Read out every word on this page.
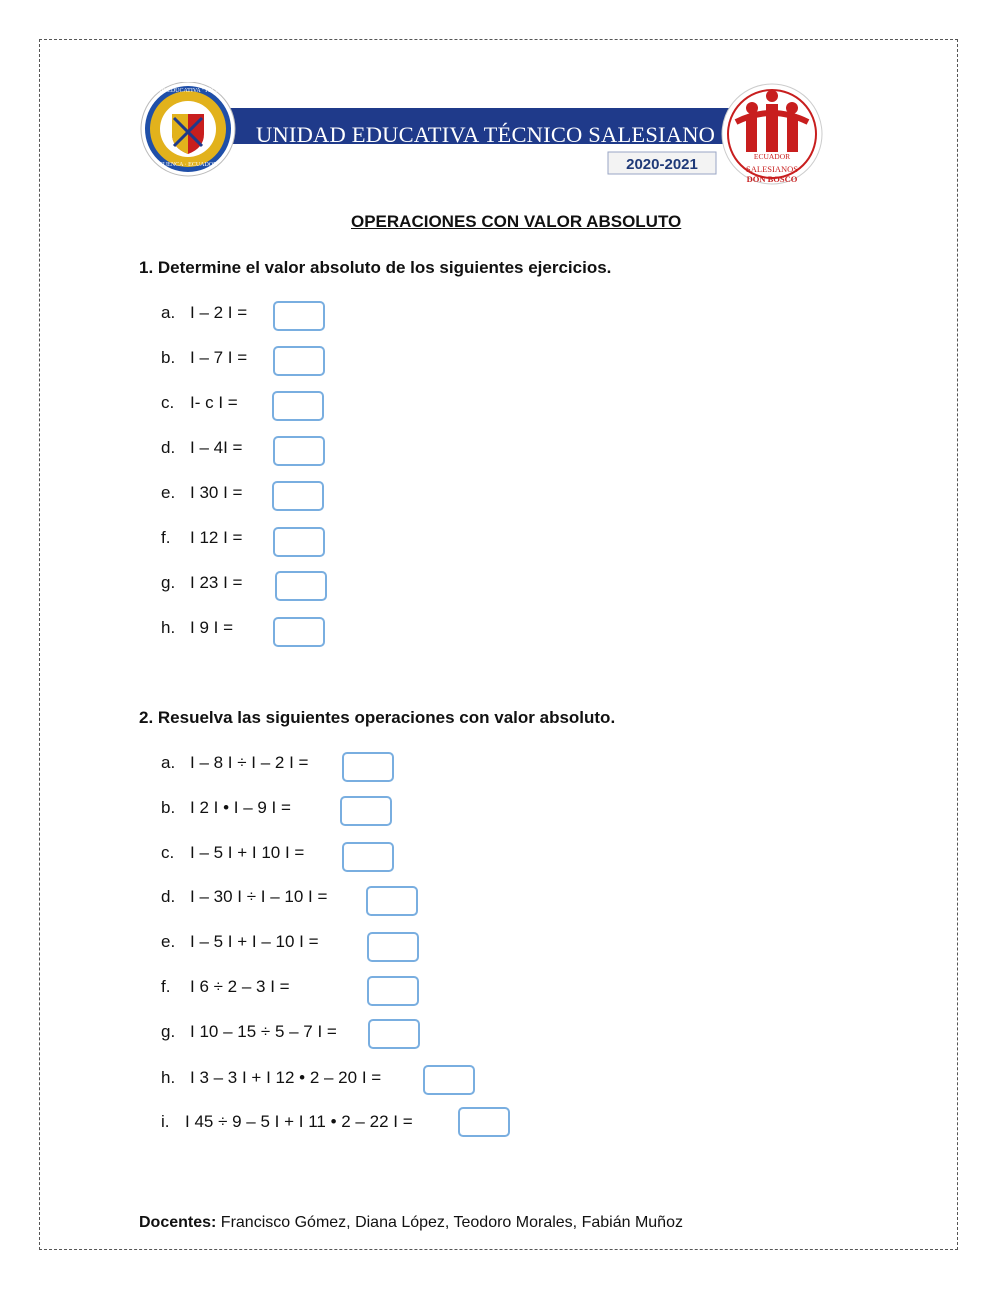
UNIDAD EDUCATIVA TÉCNICO SALESIANO
2020-2021
UNIDAD EDUCATIVA "TÉCNICO SALESIANO"
CUENCA · ECUADOR
ECUADOR
SALESIANOS
DON BOSCO
OPERACIONES CON VALOR ABSOLUTO
1. Determine el valor absoluto de los siguientes ejercicios.
a. I – 2 I =
b. I – 7 I =
c. I- c I =
d. I – 4I =
e. I 30 I =
f. I 12 I =
g. I 23 I =
h. I 9 I =
2. Resuelva las siguientes operaciones con valor absoluto.
a. I – 8 I ÷ I – 2 I =
b. I 2 I • I – 9 I =
c. I – 5 I + I 10 I =
d. I – 30 I ÷ I – 10 I =
e. I – 5 I + I – 10 I =
f. I 6 ÷ 2 – 3 I =
g. I 10 – 15 ÷ 5 – 7 I =
h. I 3 – 3 I + I 12 • 2 – 20 I =
i. I 45 ÷ 9 – 5 I + I 11 • 2 – 22 I =
Docentes: Francisco Gómez, Diana López, Teodoro Morales, Fabián Muñoz
